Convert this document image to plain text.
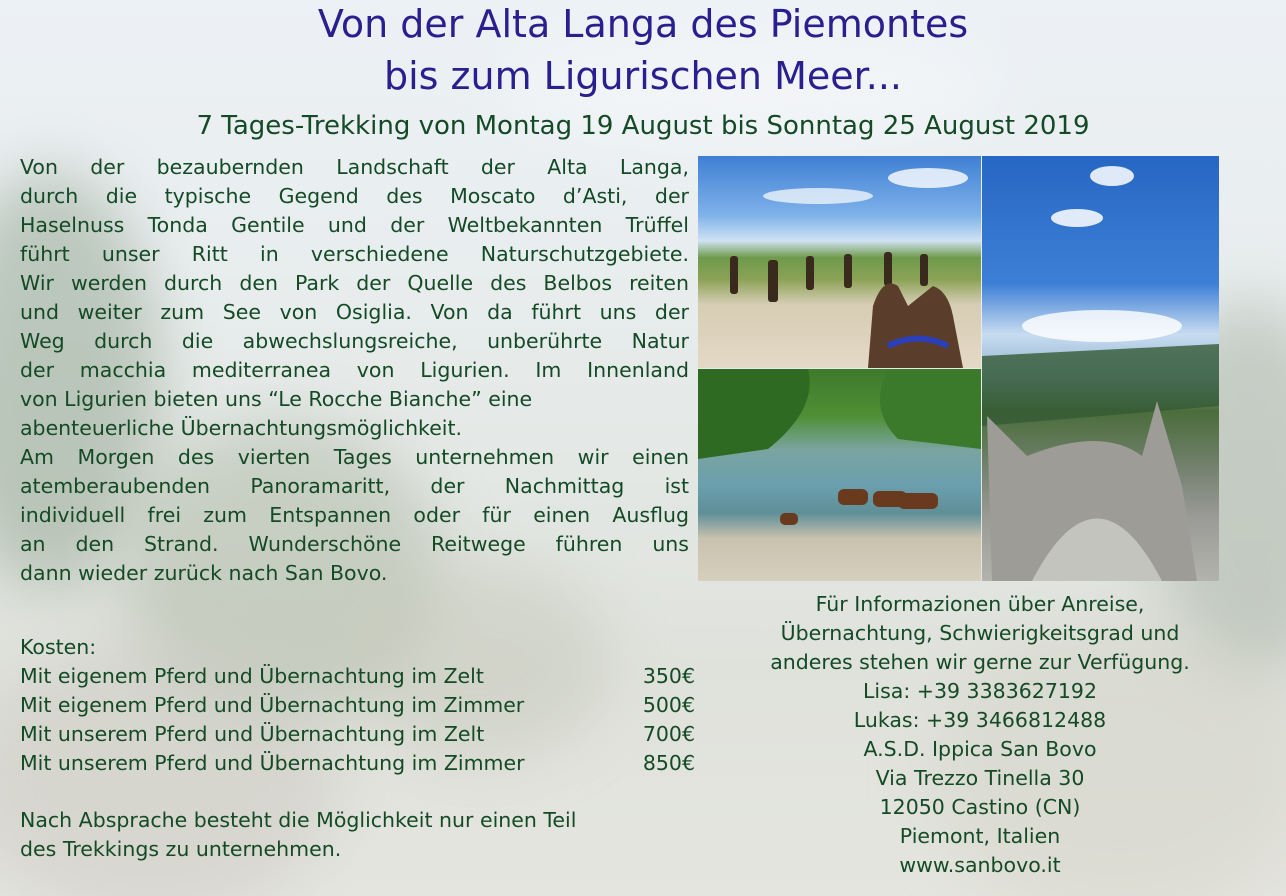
Von der Alta Langa des Piemontes
bis zum Ligurischen Meer...
7 Tages-Trekking von Montag 19 August bis Sonntag 25 August 2019

Von der bezaubernden Landschaft der Alta Langa,

durch die typische Gegend des Moscato d’Asti, der

Haselnuss Tonda Gentile und der Weltbekannten Trüffel

führt unser Ritt in verschiedene Naturschutzgebiete.

Wir werden durch den Park der Quelle des Belbos reiten

und weiter zum See von Osiglia. Von da führt uns der

Weg durch die abwechslungsreiche, unberührte Natur

der macchia mediterranea von Ligurien. Im Innenland

von Ligurien bieten uns “Le Rocche Bianche” eine

abenteuerliche Übernachtungsmöglichkeit.

Am Morgen des vierten Tages unternehmen wir einen

atemberaubenden Panoramaritt, der Nachmittag ist

individuell frei zum Entspannen oder für einen Ausflug

an den Strand. Wunderschöne Reitwege führen uns

dann wieder zurück nach San Bovo.

Kosten:
Mit eigenem Pferd und Übernachtung im Zelt	350€
Mit eigenem Pferd und Übernachtung im Zimmer	500€
Mit unserem Pferd und Übernachtung im Zelt	700€
Mit unserem Pferd und Übernachtung im Zimmer	850€
Nach Absprache besteht die Möglichkeit nur einen Teil
des Trekkings zu unternehmen.
Für Informazionen über Anreise,
Übernachtung, Schwierigkeitsgrad und
anderes stehen wir gerne zur Verfügung.
Lisa: +39 3383627192
Lukas: +39 3466812488
A.S.D. Ippica San Bovo
Via Trezzo Tinella 30
12050 Castino (CN)
Piemont, Italien
www.sanbovo.it
